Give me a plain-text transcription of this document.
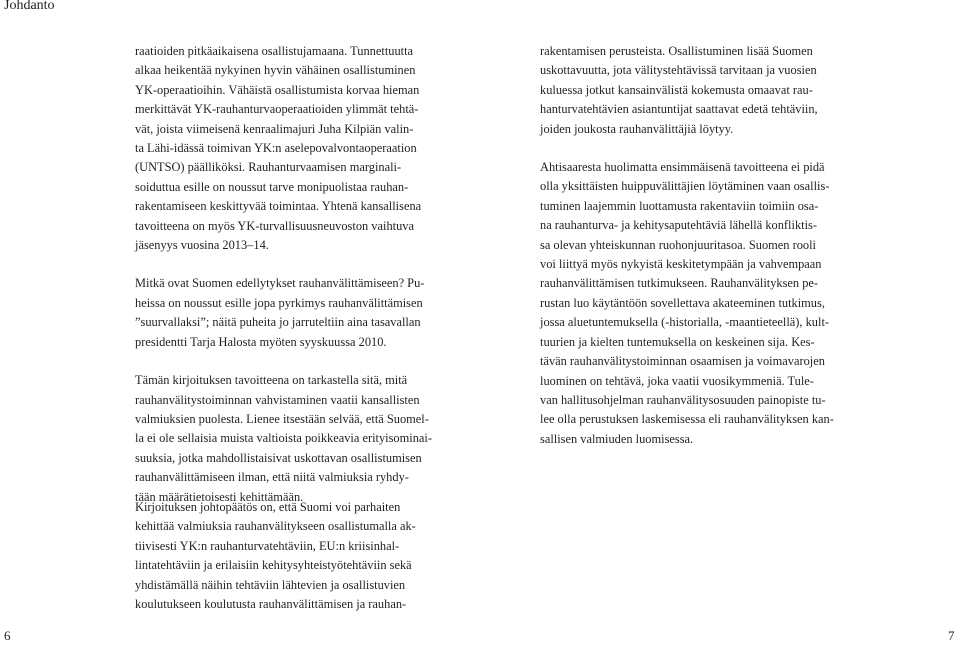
Johdanto

raatioiden pitkäaikaisena osallistujamaana. Tunnettuutta
alkaa heikentää nykyinen hyvin vähäinen osallistuminen
YK-operaatioihin. Vähäistä osallistumista korvaa hieman
merkittävät YK-rauhanturvaoperaatioiden ylimmät tehtä-
vät, joista viimeisenä kenraalimajuri Juha Kilpiän valin-
ta Lähi-idässä toimivan YK:n aselepovalvontaoperaation
(UNTSO) päälliköksi. Rauhanturvaamisen marginali-
soiduttua esille on noussut tarve monipuolistaa rauhan-
rakentamiseen keskittyvää toimintaa. Yhtenä kansallisena
tavoitteena on myös YK-turvallisuusneuvoston vaihtuva
jäsenyys vuosina 2013–14.

Mitkä ovat Suomen edellytykset rauhanvälittämiseen? Pu-
heissa on noussut esille jopa pyrkimys rauhanvälittämisen
”suurvallaksi”; näitä puheita jo jarruteltiin aina tasavallan
presidentti Tarja Halosta myöten syyskuussa 2010.

Tämän kirjoituksen tavoitteena on tarkastella sitä, mitä
rauhanvälitystoiminnan vahvistaminen vaatii kansallisten
valmiuksien puolesta. Lienee itsestään selvää, että Suomel-
la ei ole sellaisia muista valtioista poikkeavia erityisominai-
suuksia, jotka mahdollistaisivat uskottavan osallistumisen
rauhanvälittämiseen ilman, että niitä valmiuksia ryhdy-
tään määrätietoisesti kehittämään.

Kirjoituksen johtopäätös on, että Suomi voi parhaiten
kehittää valmiuksia rauhanvälitykseen osallistumalla ak-
tiivisesti YK:n rauhanturvatehtäviin, EU:n kriisinhal-
lintatehtäviin ja erilaisiin kehitysyhteistyötehtäviin sekä
yhdistämällä näihin tehtäviin lähtevien ja osallistuvien
koulutukseen koulutusta rauhanvälittämisen ja rauhan-

rakentamisen perusteista. Osallistuminen lisää Suomen
uskottavuutta, jota välitystehtävissä tarvitaan ja vuosien
kuluessa jotkut kansainvälistä kokemusta omaavat rau-
hanturvatehtävien asiantuntijat saattavat edetä tehtäviin,
joiden joukosta rauhanvälittäjiä löytyy.

Ahtisaaresta huolimatta ensimmäisenä tavoitteena ei pidä
olla yksittäisten huippuvälittäjien löytäminen vaan osallis-
tuminen laajemmin luottamusta rakentaviin toimiin osa-
na rauhanturva- ja kehitysaputehtäviä lähellä konfliktis-
sa olevan yhteiskunnan ruohonjuuritasoa. Suomen rooli
voi liittyä myös nykyistä keskitetympään ja vahvempaan
rauhanvälittämisen tutkimukseen. Rauhanvälityksen pe-
rustan luo käytäntöön sovellettava akateeminen tutkimus,
jossa aluetuntemuksella (-historialla, -maantieteellä), kult-
tuurien ja kielten tuntemuksella on keskeinen sija. Kes-
tävän rauhanvälitystoiminnan osaamisen ja voimavarojen
luominen on tehtävä, joka vaatii vuosikymmeniä. Tule-
van hallitusohjelman rauhanvälitysosuuden painopiste tu-
lee olla perustuksen laskemisessa eli rauhanvälityksen kan-
sallisen valmiuden luomisessa.

6	7
